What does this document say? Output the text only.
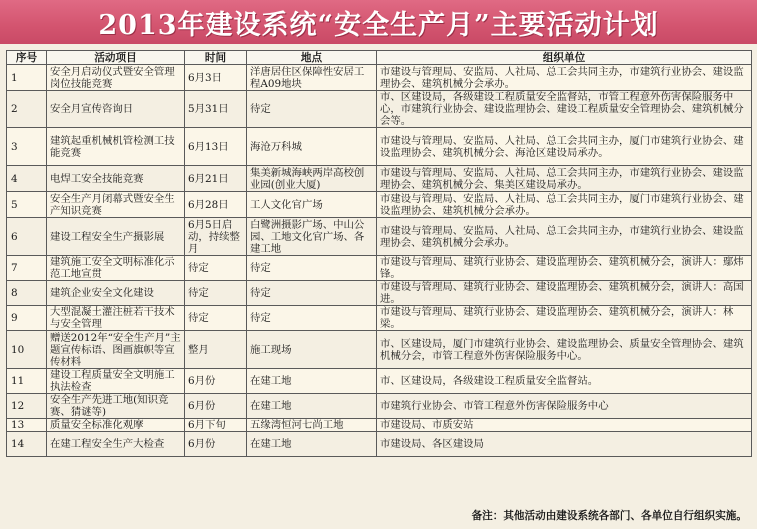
2013年建设系统“安全生产月”主要活动计划
序号	活动项目	时间	地点	组织单位
1	安全月启动仪式暨安全管理岗位技能竞赛	6月3日	洋唐居住区保障性安居工程A09地块	市建设与管理局、安监局、人社局、总工会共同主办，市建筑行业协会、建设监理协会、建筑机械分会承办。
2	安全月宣传咨询日	5月31日	待定	市、区建设局，各级建设工程质量安全监督站，市管工程意外伤害保险服务中心，市建筑行业协会、建设监理协会、建设工程质量安全管理协会、建筑机械分会等。
3	建筑起重机械机管检测工技能竞赛	6月13日	海沧万科城	市建设与管理局、安监局、人社局、总工会共同主办，厦门市建筑行业协会、建设监理协会、建筑机械分会、海沧区建设局承办。
4	电焊工安全技能竞赛	6月21日	集美新城海峡两岸高校创业园(创业大厦)	市建设与管理局、安监局、人社局、总工会共同主办，市建筑行业协会、建设监理协会、建筑机械分会、集美区建设局承办。
5	安全生产月闭幕式暨安全生产知识竞赛	6月28日	工人文化官广场	市建设与管理局、安监局、人社局、总工会共同主办，厦门市建筑行业协会、建设监理协会、建筑机械分会承办。
6	建设工程安全生产摄影展	6月5日启动，持续整月	白鹭洲摄影广场、中山公园、工地文化官广场、各建工地	市建设与管理局、安监局、人社局、总工会共同主办，市建筑行业协会、建设监理协会、建筑机械分会承办。
7	建筑施工安全文明标准化示范工地宣贯	待定	待定	市建设与管理局、建筑行业协会、建设监理协会、建筑机械分会，演讲人：鄢炜锋。
8	建筑企业安全文化建设	待定	待定	市建设与管理局、建筑行业协会、建设监理协会、建筑机械分会，演讲人：高国进。
9	大型混凝土灌注桩若干技术与安全管理	待定	待定	市建设与管理局、建筑行业协会、建设监理协会、建筑机械分会，演讲人：林梁。
10	赠送2012年“安全生产月”主题宣传标语、图画旗帜等宣传材料	整月	施工现场	市、区建设局，厦门市建筑行业协会、建设监理协会、质量安全管理协会、建筑机械分会，市管工程意外伤害保险服务中心。
11	建设工程质量安全文明施工执法检查	6月份	在建工地	市、区建设局，各级建设工程质量安全监督站。
12	安全生产先进工地(知识竞赛、猜谜等)	6月份	在建工地	市建筑行业协会、市管工程意外伤害保险服务中心
13	质量安全标准化观摩	6月下旬	五缘湾恒河七尚工地	市建设局、市质安站
14	在建工程安全生产大检查	6月份	在建工地	市建设局、各区建设局
备注：其他活动由建设系统各部门、各单位自行组织实施。
